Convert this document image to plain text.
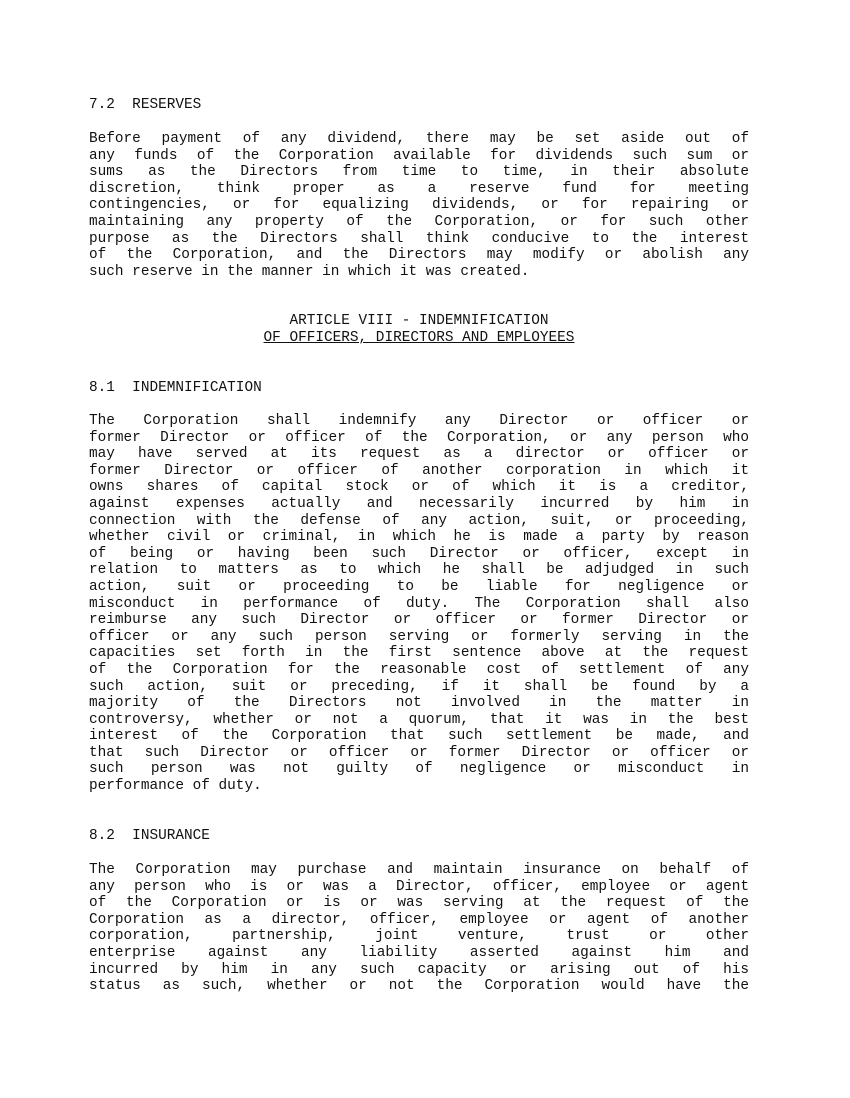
7.2  RESERVES
Before payment of any dividend, there may be set aside out of
any funds of the Corporation available for dividends such sum or
sums as the Directors from time to time, in their absolute
discretion, think proper as a reserve fund for meeting
contingencies, or for equalizing dividends, or for repairing or
maintaining any property of the Corporation, or for such other
purpose as the Directors shall think conducive to the interest
of the Corporation, and the Directors may modify or abolish any
such reserve in the manner in which it was created.
ARTICLE VIII - INDEMNIFICATION
OF OFFICERS, DIRECTORS AND EMPLOYEES
8.1  INDEMNIFICATION
The Corporation shall indemnify any Director or officer or
former Director or officer of the Corporation, or any person who
may have served at its request as a director or officer or
former Director or officer of another corporation in which it
owns shares of capital stock or of which it is a creditor,
against expenses actually and necessarily incurred by him in
connection with the defense of any action, suit, or proceeding,
whether civil or criminal, in which he is made a party by reason
of being or having been such Director or officer, except in
relation to matters as to which he shall be adjudged in such
action, suit or proceeding to be liable for negligence or
misconduct in performance of duty. The Corporation shall also
reimburse any such Director or officer or former Director or
officer or any such person serving or formerly serving in the
capacities set forth in the first sentence above at the request
of the Corporation for the reasonable cost of settlement of any
such action, suit or preceding, if it shall be found by a
majority of the Directors not involved in the matter in
controversy, whether or not a quorum, that it was in the best
interest of the Corporation that such settlement be made, and
that such Director or officer or former Director or officer or
such person was not guilty of negligence or misconduct in
performance of duty.
8.2  INSURANCE
The Corporation may purchase and maintain insurance on behalf of
any person who is or was a Director, officer, employee or agent
of the Corporation or is or was serving at the request of the
Corporation as a director, officer, employee or agent of another
corporation, partnership, joint venture, trust or other
enterprise against any liability asserted against him and
incurred by him in any such capacity or arising out of his
status as such, whether or not the Corporation would have the
